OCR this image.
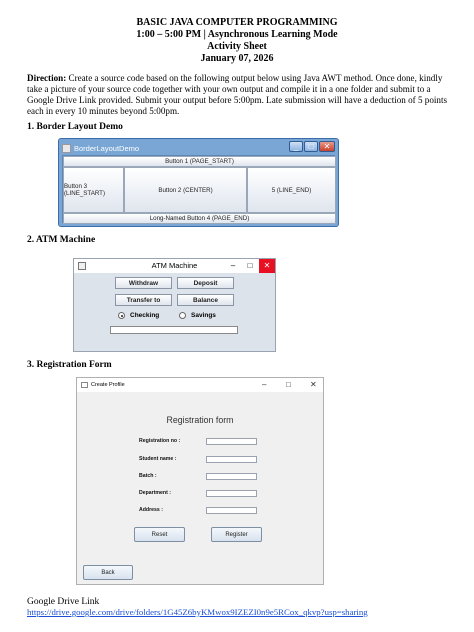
BASIC JAVA COMPUTER PROGRAMMING
1:00 – 5:00 PM | Asynchronous Learning Mode
Activity Sheet
January 07, 2026
Direction: Create a source code based on the following output below using Java AWT method. Once done, kindly take a picture of your source code together with your own output and compile it in a one folder and submit to a Google Drive Link provided. Submit your output before 5:00pm. Late submission will have a deduction of 5 points each in every 10 minutes beyond 5:00pm.
1. Border Layout Demo
BorderLayoutDemo	_	□	✕
Button 1 (PAGE_START)
Button 3 (LINE_START)	Button 2 (CENTER)	5 (LINE_END)
Long-Named Button 4 (PAGE_END)
2. ATM Machine
ATM Machine	–	□	✕
Withdraw	Deposit
Transfer to	Balance
Checking	Savings
3. Registration Form
Create Profile	– □ ✕
Registration form
Registration no :
Student name :
Batch :
Department :
Address :
Reset	Register
Back
Google Drive Link
https://drive.google.com/drive/folders/1G45Z6byKMwox9IZEZI0n9e5RCox_qkvp?usp=sharing
